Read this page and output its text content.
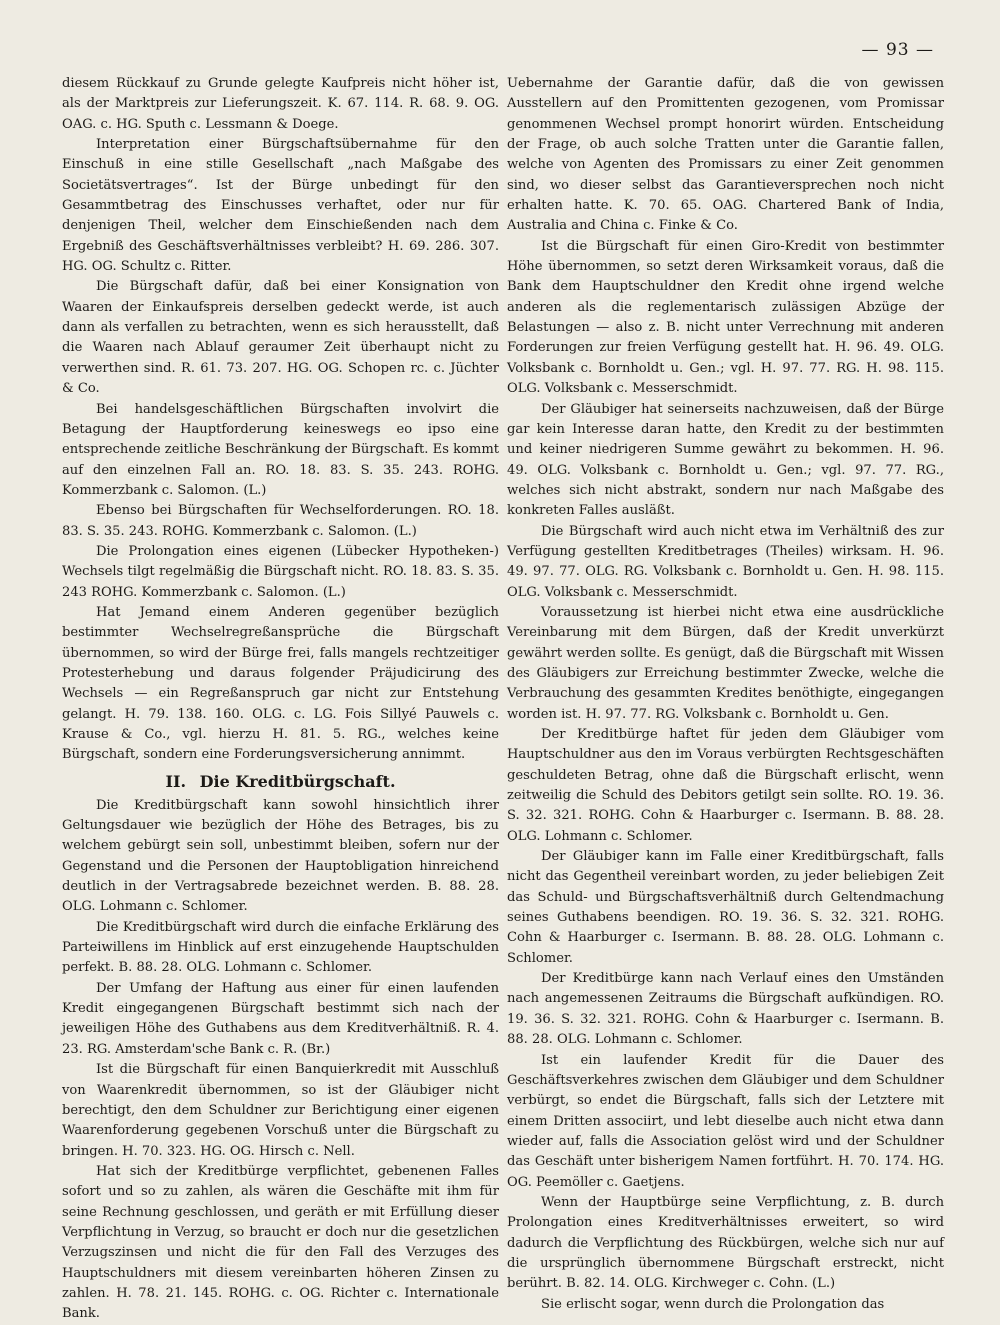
— 93 —

diesem Rückkauf zu Grunde gelegte Kaufpreis nicht höher ist, als der Marktpreis zur Lieferungszeit. K. 67. 114. R. 68. 9. OG. OAG. c. HG. Sputh c. Lessmann & Doege.

Interpretation einer Bürgschaftsübernahme für den Einschuß in eine stille Gesellschaft „nach Maßgabe des Societätsvertrages“. Ist der Bürge unbedingt für den Gesammtbetrag des Einschusses verhaftet, oder nur für denjenigen Theil, welcher dem Einschießenden nach dem Ergebniß des Geschäftsverhältnisses verbleibt? H. 69. 286. 307. HG. OG. Schultz c. Ritter.

Die Bürgschaft dafür, daß bei einer Konsignation von Waaren der Einkaufspreis derselben gedeckt werde, ist auch dann als verfallen zu betrachten, wenn es sich herausstellt, daß die Waaren nach Ablauf geraumer Zeit überhaupt nicht zu verwerthen sind. R. 61. 73. 207. HG. OG. Schopen rc. c. Jüchter & Co.

Bei handelsgeschäftlichen Bürgschaften involvirt die Betagung der Hauptforderung keineswegs eo ipso eine entsprechende zeitliche Beschränkung der Bürgschaft. Es kommt auf den einzelnen Fall an. RO. 18. 83. S. 35. 243. ROHG. Kommerzbank c. Salomon. (L.)

Ebenso bei Bürgschaften für Wechselforderungen. RO. 18. 83. S. 35. 243. ROHG. Kommerzbank c. Salomon. (L.)

Die Prolongation eines eigenen (Lübecker Hypotheken-) Wechsels tilgt regelmäßig die Bürgschaft nicht. RO. 18. 83. S. 35. 243 ROHG. Kommerzbank c. Salomon. (L.)

Hat Jemand einem Anderen gegenüber bezüglich bestimmter Wechselregreßansprüche die Bürgschaft übernommen, so wird der Bürge frei, falls mangels rechtzeitiger Protesterhebung und daraus folgender Präjudicirung des Wechsels — ein Regreßanspruch gar nicht zur Entstehung gelangt. H. 79. 138. 160. OLG. c. LG. Fois Sillyé Pauwels c. Krause & Co., vgl. hierzu H. 81. 5. RG., welches keine Bürgschaft, sondern eine Forderungsversicherung annimmt.

II. Die Kreditbürgschaft.

Die Kreditbürgschaft kann sowohl hinsichtlich ihrer Geltungsdauer wie bezüglich der Höhe des Betrages, bis zu welchem gebürgt sein soll, unbestimmt bleiben, sofern nur der Gegenstand und die Personen der Hauptobligation hinreichend deutlich in der Vertragsabrede bezeichnet werden. B. 88. 28. OLG. Lohmann c. Schlomer.

Die Kreditbürgschaft wird durch die einfache Erklärung des Parteiwillens im Hinblick auf erst einzugehende Hauptschulden perfekt. B. 88. 28. OLG. Lohmann c. Schlomer.

Der Umfang der Haftung aus einer für einen laufenden Kredit eingegangenen Bürgschaft bestimmt sich nach der jeweiligen Höhe des Guthabens aus dem Kreditverhältniß. R. 4. 23. RG. Amsterdam'sche Bank c. R. (Br.)

Ist die Bürgschaft für einen Banquierkredit mit Ausschluß von Waarenkredit übernommen, so ist der Gläubiger nicht berechtigt, den dem Schuldner zur Berichtigung einer eigenen Waarenforderung gegebenen Vorschuß unter die Bürgschaft zu bringen. H. 70. 323. HG. OG. Hirsch c. Nell.

Hat sich der Kreditbürge verpflichtet, gebenenen Falles sofort und so zu zahlen, als wären die Geschäfte mit ihm für seine Rechnung geschlossen, und geräth er mit Erfüllung dieser Verpflichtung in Verzug, so braucht er doch nur die gesetzlichen Verzugszinsen und nicht die für den Fall des Verzuges des Hauptschuldners mit diesem vereinbarten höheren Zinsen zu zahlen. H. 78. 21. 145. ROHG. c. OG. Richter c. Internationale Bank.

Uebernahme der Garantie dafür, daß die von gewissen Ausstellern auf den Promittenten gezogenen, vom Promissar genommenen Wechsel prompt honorirt würden. Entscheidung der Frage, ob auch solche Tratten unter die Garantie fallen, welche von Agenten des Promissars zu einer Zeit genommen sind, wo dieser selbst das Garantieversprechen noch nicht erhalten hatte. K. 70. 65. OAG. Chartered Bank of India, Australia and China c. Finke & Co.

Ist die Bürgschaft für einen Giro-Kredit von bestimmter Höhe übernommen, so setzt deren Wirksamkeit voraus, daß die Bank dem Hauptschuldner den Kredit ohne irgend welche anderen als die reglementarisch zulässigen Abzüge der Belastungen — also z. B. nicht unter Verrechnung mit anderen Forderungen zur freien Verfügung gestellt hat. H. 96. 49. OLG. Volksbank c. Bornholdt u. Gen.; vgl. H. 97. 77. RG. H. 98. 115. OLG. Volksbank c. Messerschmidt.

Der Gläubiger hat seinerseits nachzuweisen, daß der Bürge gar kein Interesse daran hatte, den Kredit zu der bestimmten und keiner niedrigeren Summe gewährt zu bekommen. H. 96. 49. OLG. Volksbank c. Bornholdt u. Gen.; vgl. 97. 77. RG., welches sich nicht abstrakt, sondern nur nach Maßgabe des konkreten Falles ausläßt.

Die Bürgschaft wird auch nicht etwa im Verhältniß des zur Verfügung gestellten Kreditbetrages (Theiles) wirksam. H. 96. 49. 97. 77. OLG. RG. Volksbank c. Bornholdt u. Gen. H. 98. 115. OLG. Volksbank c. Messerschmidt.

Voraussetzung ist hierbei nicht etwa eine ausdrückliche Vereinbarung mit dem Bürgen, daß der Kredit unverkürzt gewährt werden sollte. Es genügt, daß die Bürgschaft mit Wissen des Gläubigers zur Erreichung bestimmter Zwecke, welche die Verbrauchung des gesammten Kredites benöthigte, eingegangen worden ist. H. 97. 77. RG. Volksbank c. Bornholdt u. Gen.

Der Kreditbürge haftet für jeden dem Gläubiger vom Hauptschuldner aus den im Voraus verbürgten Rechtsgeschäften geschuldeten Betrag, ohne daß die Bürgschaft erlischt, wenn zeitweilig die Schuld des Debitors getilgt sein sollte. RO. 19. 36. S. 32. 321. ROHG. Cohn & Haarburger c. Isermann. B. 88. 28. OLG. Lohmann c. Schlomer.

Der Gläubiger kann im Falle einer Kreditbürgschaft, falls nicht das Gegentheil vereinbart worden, zu jeder beliebigen Zeit das Schuld- und Bürgschaftsverhältniß durch Geltendmachung seines Guthabens beendigen. RO. 19. 36. S. 32. 321. ROHG. Cohn & Haarburger c. Isermann. B. 88. 28. OLG. Lohmann c. Schlomer.

Der Kreditbürge kann nach Verlauf eines den Umständen nach angemessenen Zeitraums die Bürgschaft aufkündigen. RO. 19. 36. S. 32. 321. ROHG. Cohn & Haarburger c. Isermann. B. 88. 28. OLG. Lohmann c. Schlomer.

Ist ein laufender Kredit für die Dauer des Geschäftsverkehres zwischen dem Gläubiger und dem Schuldner verbürgt, so endet die Bürgschaft, falls sich der Letztere mit einem Dritten associirt, und lebt dieselbe auch nicht etwa dann wieder auf, falls die Association gelöst wird und der Schuldner das Geschäft unter bisherigem Namen fortführt. H. 70. 174. HG. OG. Peemöller c. Gaetjens.

Wenn der Hauptbürge seine Verpflichtung, z. B. durch Prolongation eines Kreditverhältnisses erweitert, so wird dadurch die Verpflichtung des Rückbürgen, welche sich nur auf die ursprünglich übernommene Bürgschaft erstreckt, nicht berührt. B. 82. 14. OLG. Kirchweger c. Cohn. (L.)

Sie erlischt sogar, wenn durch die Prolongation das
